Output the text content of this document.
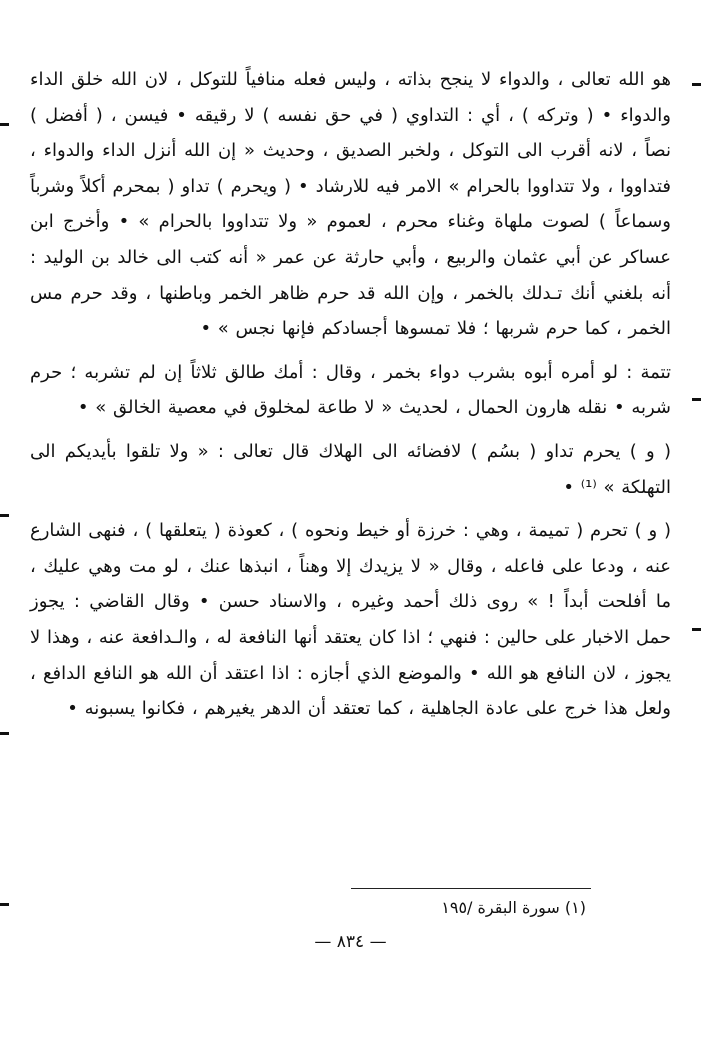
هو الله تعالى ، والدواء لا ينجح بذاته ، وليس فعله منافياً للتوكل ، لان الله خلق الداء والدواء • ( وتركه ) ، أي : التداوي ( في حق نفسه ) لا رقيقه • فيسن ، ( أفضل ) نصاً ، لانه أقرب الى التوكل ، ولخبر الصديق ، وحديث « إن الله أنزل الداء والدواء ، فتداووا ، ولا تتداووا بالحرام » الامر فيه للارشاد • ( ويحرم ) تداو ( بمحرم أكلاً وشرباً وسماعاً ) لصوت ملهاة وغناء محرم ، لعموم « ولا تتداووا بالحرام » • وأخرج ابن عساكر عن أبي عثمان والربيع ، وأبي حارثة عن عمر « أنه كتب الى خالد بن الوليد : أنه بلغني أنك تـدلك بالخمر ، وإن الله قد حرم ظاهر الخمر وباطنها ، وقد حرم مس الخمر ، كما حرم شربها ؛ فلا تمسوها أجسادكم فإنها نجس » •

تتمة : لو أمره أبوه بشرب دواء بخمر ، وقال : أمك طالق ثلاثاً إن لم تشربه ؛ حرم شربه • نقله هارون الحمال ، لحديث « لا طاعة لمخلوق في معصية الخالق » •

( و ) يحرم تداو ( بسُم ) لافضائه الى الهلاك قال تعالى : « ولا تلقوا بأيديكم الى التهلكة » ⁽¹⁾ •

( و ) تحرم ( تميمة ، وهي : خرزة أو خيط ونحوه ) ، كعوذة ( يتعلقها ) ، فنهى الشارع عنه ، ودعا على فاعله ، وقال « لا يزيدك إلا وهناً ، انبذها عنك ، لو مت وهي عليك ، ما أفلحت أبداً ! » روى ذلك أحمد وغيره ، والاسناد حسن • وقال القاضي : يجوز حمل الاخبار على حالين : فنهي ؛ اذا كان يعتقد أنها النافعة له ، والـدافعة عنه ، وهذا لا يجوز ، لان النافع هو الله • والموضع الذي أجازه : اذا اعتقد أن الله هو النافع الدافع ، ولعل هذا خرج على عادة الجاهلية ، كما تعتقد أن الدهر يغيرهم ، فكانوا يسبونه •

(١) سورة البقرة /١٩٥
— ٨٣٤ —
